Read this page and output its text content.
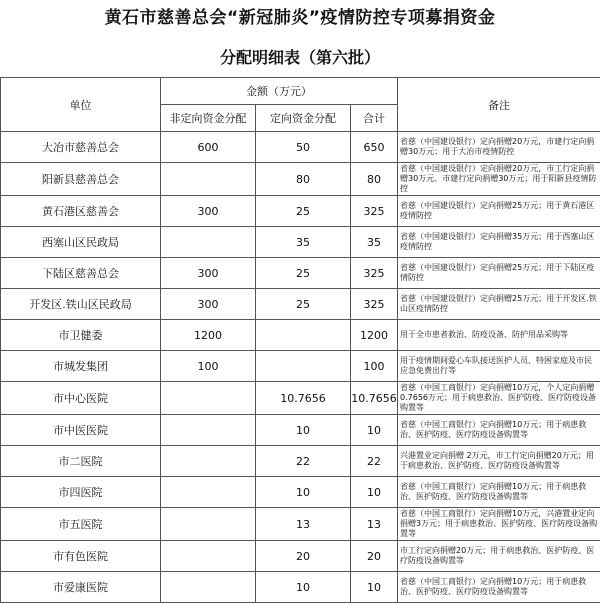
黄石市慈善总会“新冠肺炎”疫情防控专项募捐资金
分配明细表（第六批）
单位	金额（万元）			备注
	非定向资金分配	定向资金分配	合计	
大冶市慈善总会	600	50	650	省慈（中国建设银行）定向捐赠20万元，市建行定向捐赠30万元；用于大冶市疫情防控
阳新县慈善总会		80	80	省慈（中国建设银行）定向捐赠20万元，市工行定向捐赠30万元、市建行定向捐赠30万元；用于阳新县疫情防控
黄石港区慈善会	300	25	325	省慈（中国建设银行）定向捐赠25万元；用于黄石港区疫情防控
西塞山区民政局		35	35	省慈（中国建设银行）定向捐赠35万元；用于西塞山区疫情防控
下陆区慈善总会	300	25	325	省慈（中国建设银行）定向捐赠25万元；用于下陆区疫情防控
开发区.铁山区民政局	300	25	325	省慈（中国建设银行）定向捐赠25万元；用于开发区.铁山区疫情防控
市卫健委	1200		1200	用于全市患者救治、防疫设备、防护用品采购等
市城发集团	100		100	用于疫情期间爱心车队接送医护人员、特困家庭及市民应急免费出行等
市中心医院		10.7656	10.7656	省慈（中国工商银行）定向捐赠10万元，个人定向捐赠0.7656万元；用于病患救治、医护防疫、医疗防疫设备购置等
市中医医院		10	10	省慈（中国工商银行）定向捐赠10万元；用于病患救治、医护防疫、医疗防疫设备购置等
市二医院		22	22	兴港置业定向捐赠 2万元，市工行定向捐赠20万元；用于病患救治、医护防疫、医疗防疫设备购置等
市四医院		10	10	省慈（中国工商银行）定向捐赠10万元；用于病患救治、医护防疫、医疗防疫设备购置等
市五医院		13	13	省慈（中国工商银行）定向捐赠10万元，兴港置业定向捐赠3万元；用于病患救治、医护防疫、医疗防疫设备购置等
市有色医院		20	20	市工行定向捐赠20万元；用于病患救治、医护防疫、医疗防疫设备购置等
市爱康医院		10	10	省慈（中国工商银行）定向捐赠10万元；用于病患救治、医护防疫、医疗防疫设备购置等
